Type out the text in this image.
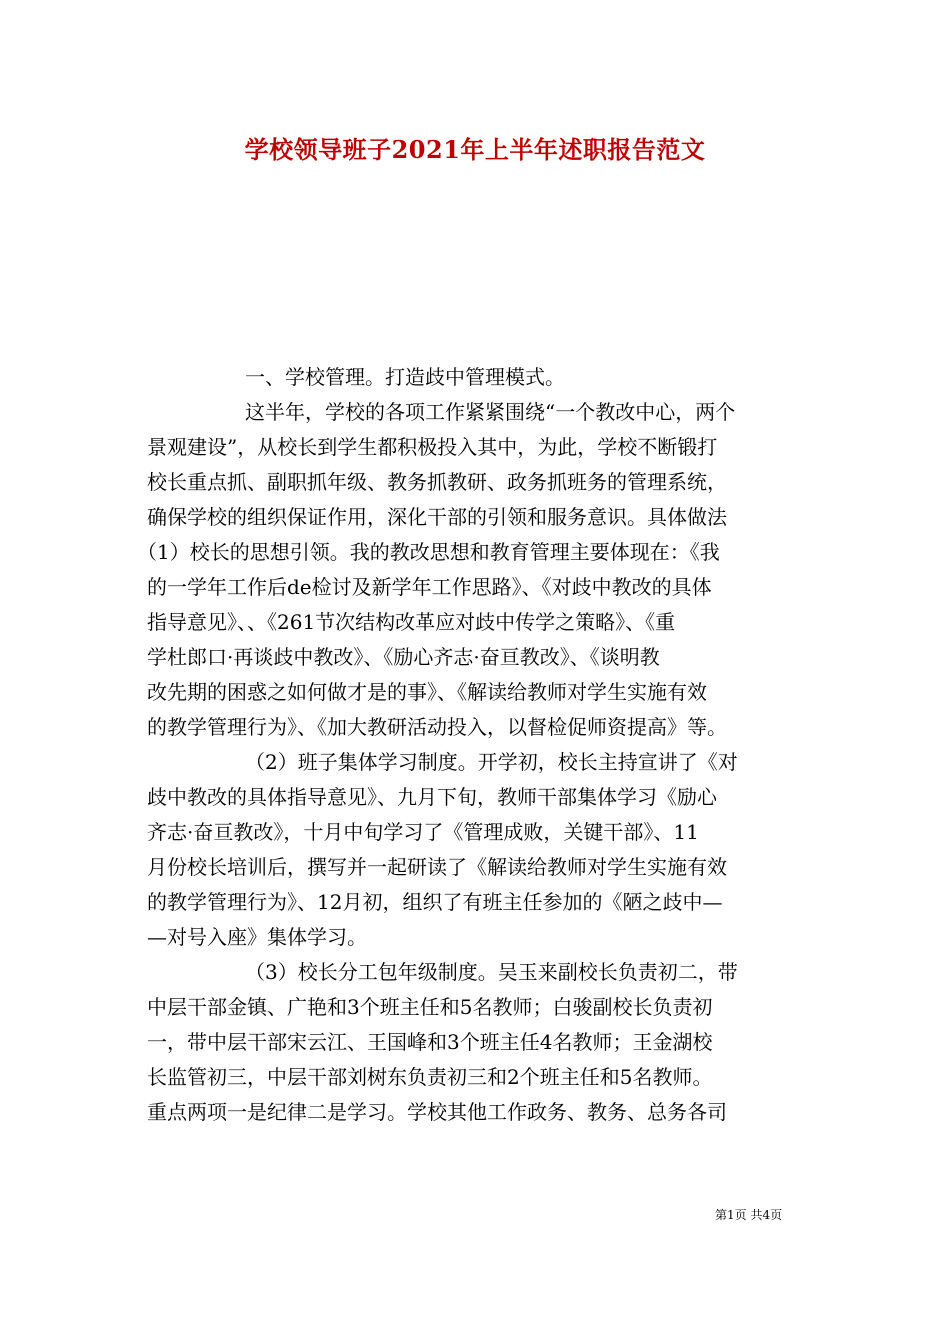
学校领导班子2021年上半年述职报告范文
一、学校管理。打造歧中管理模式。
这半年，学校的各项工作紧紧围绕“一个教改中心，两个
景观建设”，从校长到学生都积极投入其中，为此，学校不断锻打
校长重点抓、副职抓年级、教务抓教研、政务抓班务的管理系统，
确保学校的组织保证作用，深化干部的引领和服务意识。具体做法
（1）校长的思想引领。我的教改思想和教育管理主要体现在：《我
的一学年工作后de检讨及新学年工作思路》、《对歧中教改的具体
指导意见》、、《261节次结构改革应对歧中传学之策略》、《重
学杜郎口·再谈歧中教改》、《励心齐志·奋亘教改》、《谈明教
改先期的困惑之如何做才是的事》、《解读给教师对学生实施有效
的教学管理行为》、《加大教研活动投入，以督检促师资提高》等。
（2）班子集体学习制度。开学初，校长主持宣讲了《对
歧中教改的具体指导意见》、九月下旬，教师干部集体学习《励心
齐志·奋亘教改》，十月中旬学习了《管理成败，关键干部》、11
月份校长培训后，撰写并一起研读了《解读给教师对学生实施有效
的教学管理行为》、12月初，组织了有班主任参加的《陋之歧中—
—对号入座》集体学习。
（3）校长分工包年级制度。吴玉来副校长负责初二，带
中层干部金镇、广艳和3个班主任和5名教师；白骏副校长负责初
一，带中层干部宋云江、王国峰和3个班主任4名教师；王金湖校
长监管初三，中层干部刘树东负责初三和2个班主任和5名教师。
重点两项一是纪律二是学习。学校其他工作政务、教务、总务各司
第1页 共4页
